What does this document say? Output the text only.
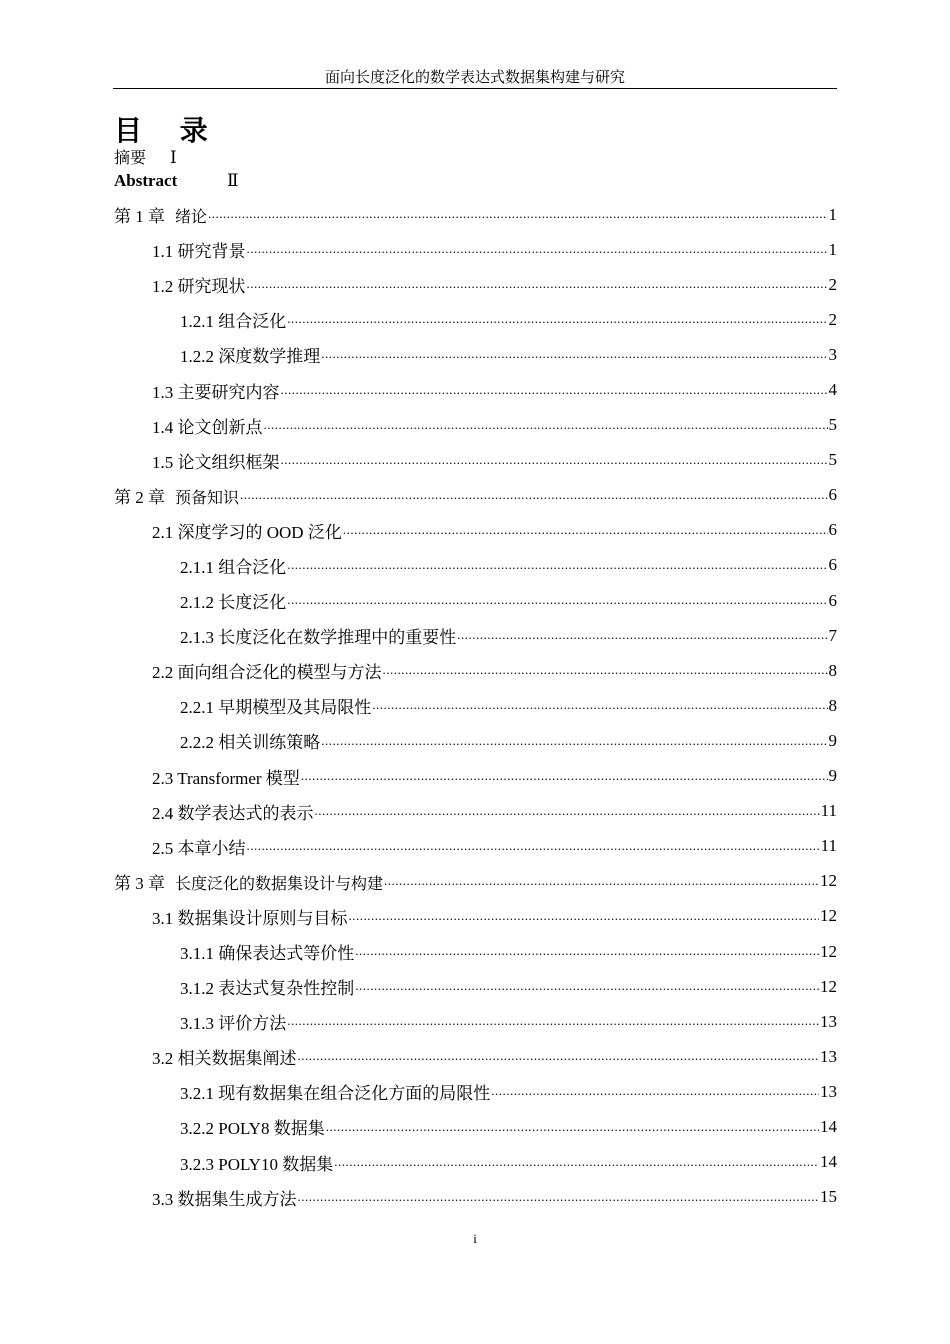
面向长度泛化的数学表达式数据集构建与研究
目 录
摘要 Ⅰ
Abstract	Ⅱ
第 1 章 绪论 .....	1
1.1 研究背景 .....	1
1.2 研究现状 .....	2
1.2.1 组合泛化 .....	2
1.2.2 深度数学推理 .....	3
1.3 主要研究内容 .....	4
1.4 论文创新点 .....	5
1.5 论文组织框架 .....	5
第 2 章 预备知识 .....	6
2.1 深度学习的 OOD 泛化 .....	6
2.1.1 组合泛化 .....	6
2.1.2 长度泛化 .....	6
2.1.3 长度泛化在数学推理中的重要性 .....	7
2.2 面向组合泛化的模型与方法 .....	8
2.2.1 早期模型及其局限性 .....	8
2.2.2 相关训练策略 .....	9
2.3 Transformer 模型 .....	9
2.4 数学表达式的表示 .....	11
2.5 本章小结 .....	11
第 3 章 长度泛化的数据集设计与构建 .....	12
3.1 数据集设计原则与目标 .....	12
3.1.1 确保表达式等价性 .....	12
3.1.2 表达式复杂性控制 .....	12
3.1.3 评价方法 .....	13
3.2 相关数据集阐述 .....	13
3.2.1 现有数据集在组合泛化方面的局限性 .....	13
3.2.2 POLY8 数据集 .....	14
3.2.3 POLY10 数据集 .....	14
3.3 数据集生成方法 .....	15
i
